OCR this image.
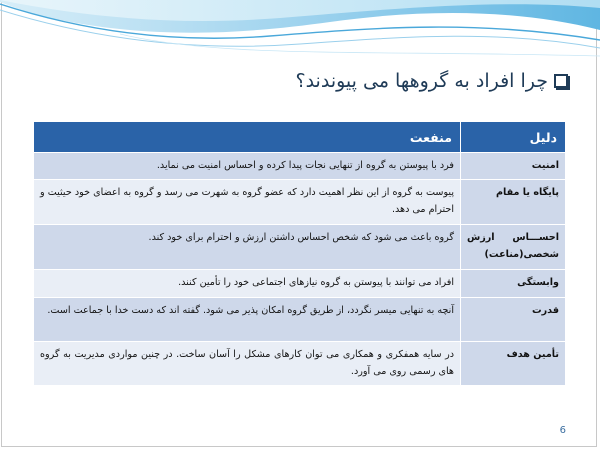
چرا افراد به گروهها می پیوندند؟
دلیل	منفعت
امنیت	فرد با پیوستن به گروه از تنهایی نجات پیدا کرده و احساس امنیت می نماید.
پایگاه یا مقام	پیوست به گروه از این نظر اهمیت دارد که عضو گروه به شهرت می رسد و گروه به اعضای خود حیثیت و احترام می دهد.
احســـاس ارزش شخصی(مناعت)	گروه باعث می شود که شخص احساس داشتن ارزش و احترام برای خود کند.
وابستگی	افراد می توانند با پیوستن به گروه نیازهای اجتماعی خود را تأمین کنند.
قدرت	آنچه به تنهایی میسر نگردد، از طریق گروه امکان پذیر می شود. گفته اند که دست خدا با جماعت است.
تأمین هدف	در سایه همفکری و همکاری می توان کارهای مشکل را آسان ساخت. در چنین مواردی مدیریت به گروه های رسمی روی می آورد.
6
